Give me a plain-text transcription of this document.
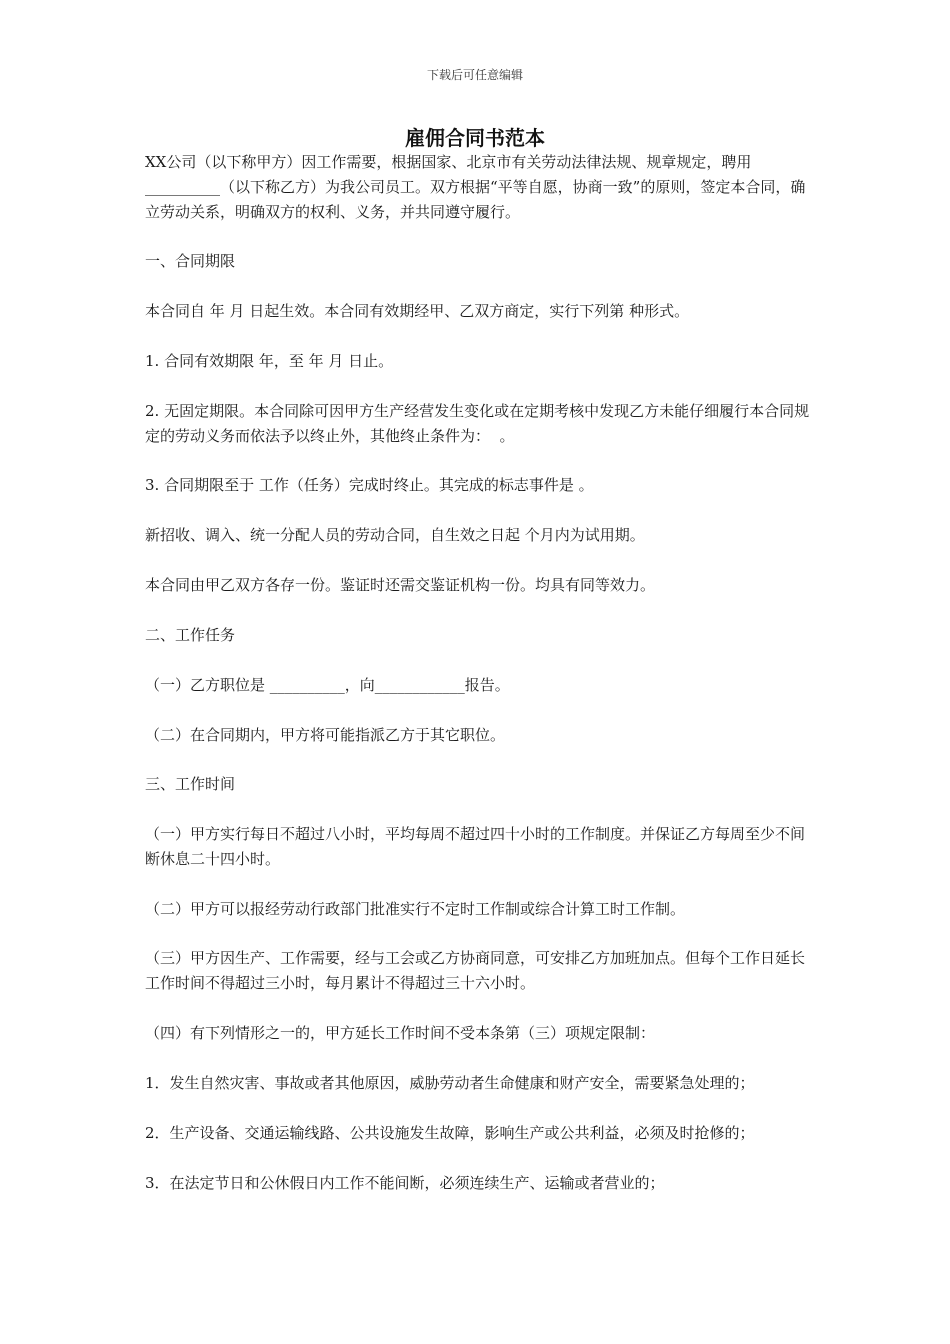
下载后可任意编辑
雇佣合同书范本
XX公司（以下称甲方）因工作需要，根据国家、北京市有关劳动法律法规、规章规定，聘用__________（以下称乙方）为我公司员工。双方根据“平等自愿，协商一致”的原则，签定本合同，确立劳动关系，明确双方的权利、义务，并共同遵守履行。
一、合同期限
本合同自 年 月 日起生效。本合同有效期经甲、乙双方商定，实行下列第 种形式。
1. 合同有效期限 年，至 年 月 日止。
2. 无固定期限。本合同除可因甲方生产经营发生变化或在定期考核中发现乙方未能仔细履行本合同规定的劳动义务而依法予以终止外，其他终止条件为：  。
3. 合同期限至于 工作（任务）完成时终止。其完成的标志事件是 。
新招收、调入、统一分配人员的劳动合同，自生效之日起 个月内为试用期。
本合同由甲乙双方各存一份。鉴证时还需交鉴证机构一份。均具有同等效力。
二、工作任务
（一）乙方职位是 __________，向____________报告。
（二）在合同期内，甲方将可能指派乙方于其它职位。
三、工作时间
（一）甲方实行每日不超过八小时，平均每周不超过四十小时的工作制度。并保证乙方每周至少不间断休息二十四小时。
（二）甲方可以报经劳动行政部门批准实行不定时工作制或综合计算工时工作制。
（三）甲方因生产、工作需要，经与工会或乙方协商同意，可安排乙方加班加点。但每个工作日延长工作时间不得超过三小时，每月累计不得超过三十六小时。
（四）有下列情形之一的，甲方延长工作时间不受本条第（三）项规定限制：
1．发生自然灾害、事故或者其他原因，威胁劳动者生命健康和财产安全，需要紧急处理的；
2．生产设备、交通运输线路、公共设施发生故障，影响生产或公共利益，必须及时抢修的；
3．在法定节日和公休假日内工作不能间断，必须连续生产、运输或者营业的；
